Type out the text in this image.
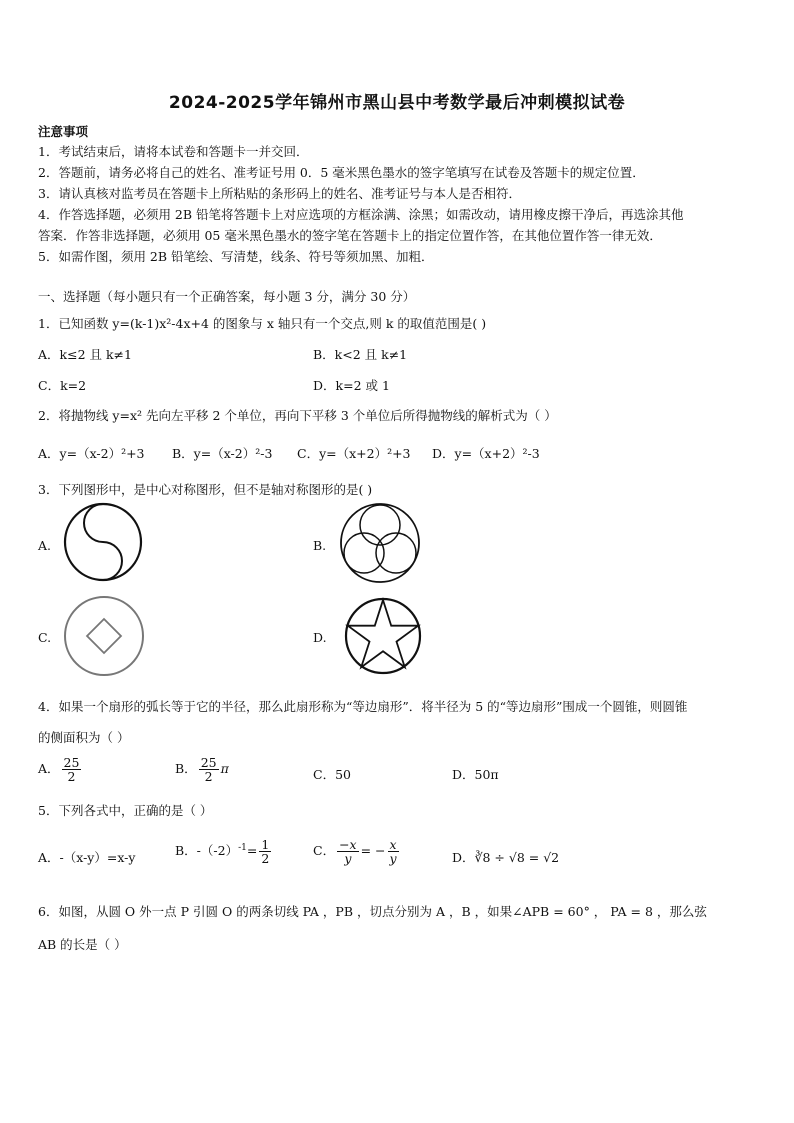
2024-2025学年锦州市黑山县中考数学最后冲刺模拟试卷
注意事项
1．考试结束后，请将本试卷和答题卡一并交回．
2．答题前，请务必将自己的姓名、准考证号用 0．5 毫米黑色墨水的签字笔填写在试卷及答题卡的规定位置．
3．请认真核对监考员在答题卡上所粘贴的条形码上的姓名、准考证号与本人是否相符．
4．作答选择题，必须用 2B 铅笔将答题卡上对应选项的方框涂满、涂黑；如需改动，请用橡皮擦干净后，再选涂其他
答案．作答非选择题，必须用 05 毫米黑色墨水的签字笔在答题卡上的指定位置作答，在其他位置作答一律无效．
5．如需作图，须用 2B 铅笔绘、写清楚，线条、符号等须加黑、加粗．
一、选择题（每小题只有一个正确答案，每小题 3 分，满分 30 分）
1．已知函数 y=(k-1)x²-4x+4 的图象与 x 轴只有一个交点,则 k 的取值范围是( )
A．k≤2 且 k≠1	B．k<2 且 k≠1
C．k=2	D．k=2 或 1
2．将抛物线 y=x² 先向左平移 2 个单位，再向下平移 3 个单位后所得抛物线的解析式为（ ）
A．y=（x-2）²+3 B．y=（x-2）²-3 C．y=（x+2）²+3 D．y=（x+2）²-3
3．下列图形中，是中心对称图形，但不是轴对称图形的是( )
A.	B.
C.	D.
4．如果一个扇形的弧长等于它的半径，那么此扇形称为“等边扇形”．将半径为 5 的“等边扇形”围成一个圆锥，则圆锥
的侧面积为（ ）
A． $\frac{25}{2}$	B． $\frac{25}{2}$ π	C．50	D．50π
5．下列各式中，正确的是（ ）
A．-（x-y）=x-y	B．$-(-2)^{-1}= \frac{1}{2}$	C． $\frac{-x}{y}$ = − $\frac{x}{y}$	D．∛8 ÷ √8 = √2
6．如图，从圆 O 外一点 P 引圆 O 的两条切线 PA ，PB ，切点分别为 A ，B ，如果∠APB = 60° ， PA = 8 ，那么弦
AB 的长是（ ）
